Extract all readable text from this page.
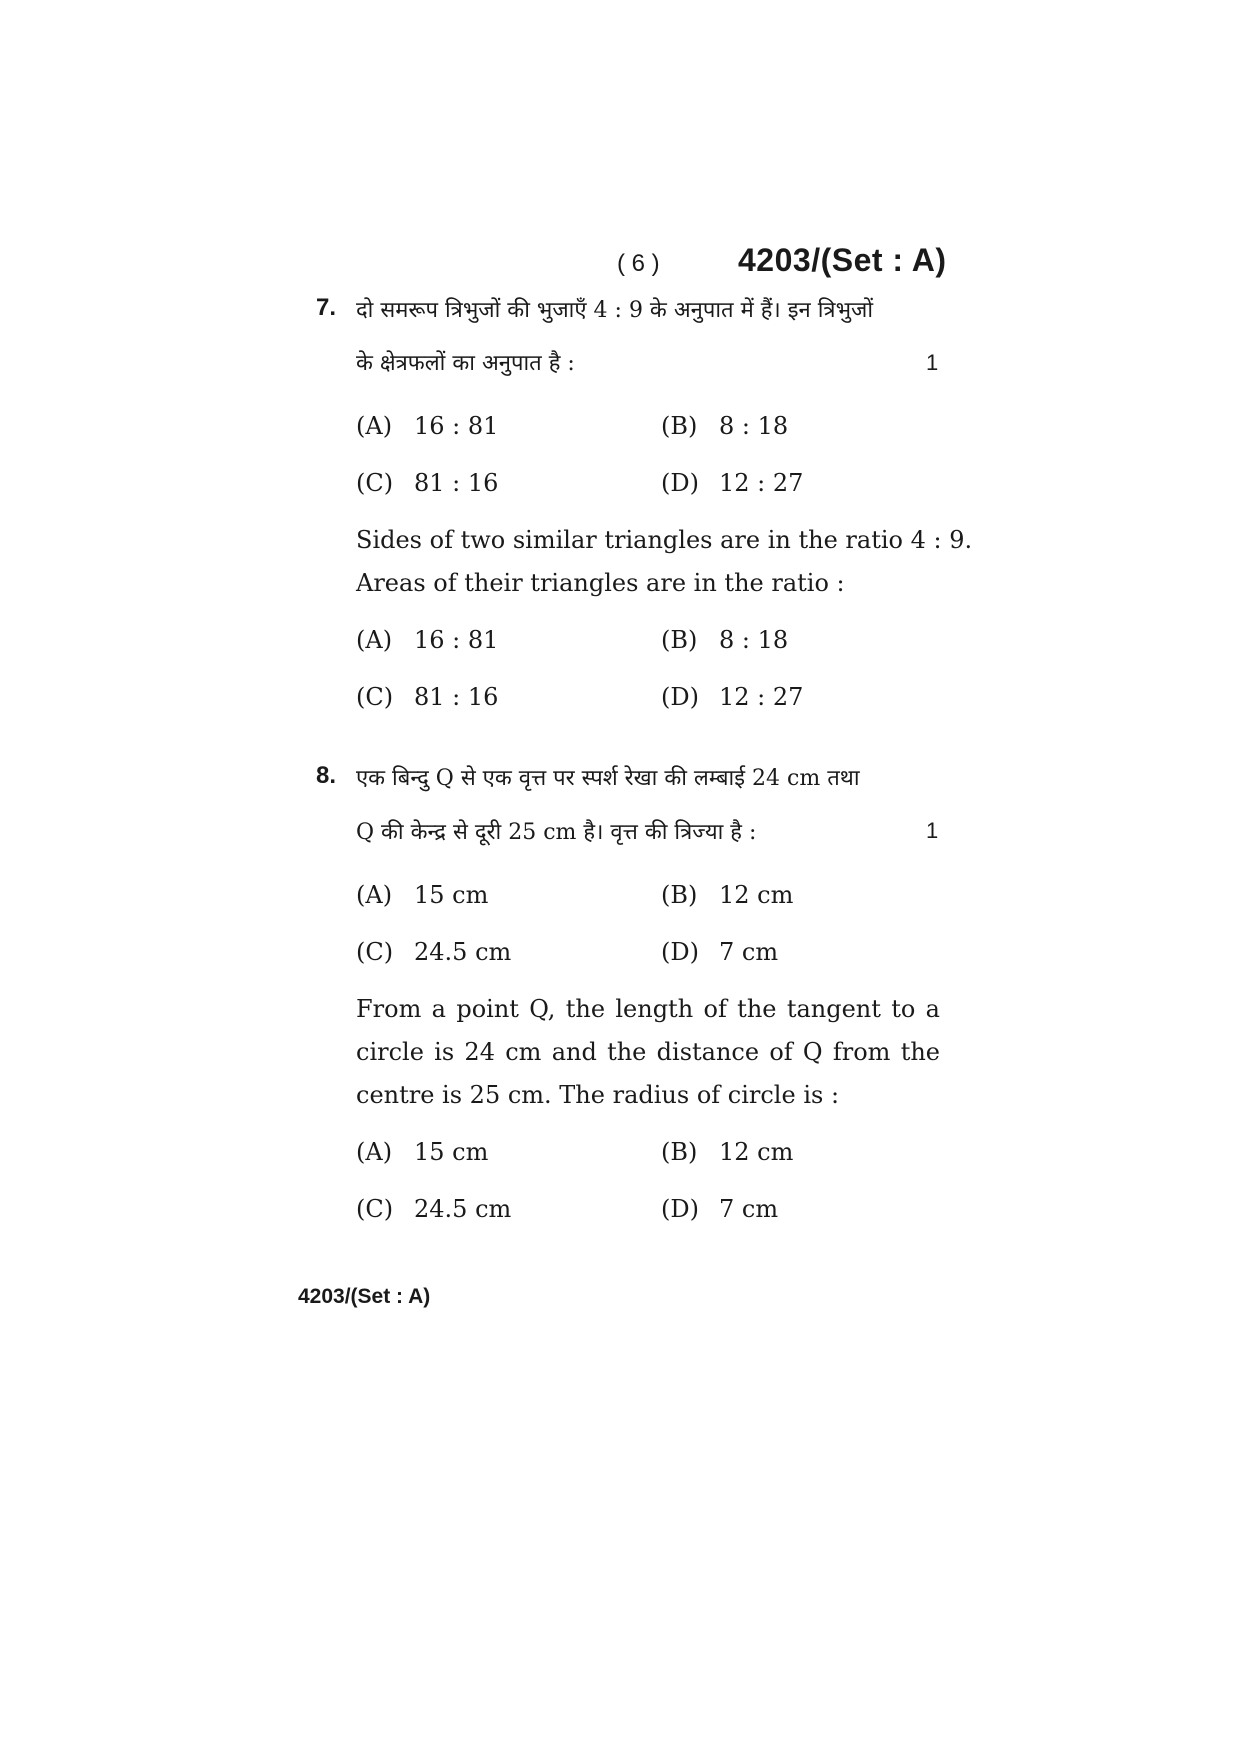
( 6 ) 4203/(Set : A)
7. दो समरूप त्रिभुजों की भुजाएँ 4 : 9 के अनुपात में हैं। इन त्रिभुजों
के क्षेत्रफलों का अनुपात है :	1
(A) 16 : 81	(B) 8 : 18
(C) 81 : 16	(D) 12 : 27
Sides of two similar triangles are in the ratio 4 : 9.
Areas of their triangles are in the ratio :
(A) 16 : 81	(B) 8 : 18
(C) 81 : 16	(D) 12 : 27
8. एक बिन्दु Q से एक वृत्त पर स्पर्श रेखा की लम्बाई 24 cm तथा
Q की केन्द्र से दूरी 25 cm है। वृत्त की त्रिज्या है :	1
(A) 15 cm	(B) 12 cm
(C) 24.5 cm	(D) 7 cm
From a point Q, the length of the tangent to a
circle is 24 cm and the distance of Q from the
centre is 25 cm. The radius of circle is :
(A) 15 cm	(B) 12 cm
(C) 24.5 cm	(D) 7 cm
4203/(Set : A)
